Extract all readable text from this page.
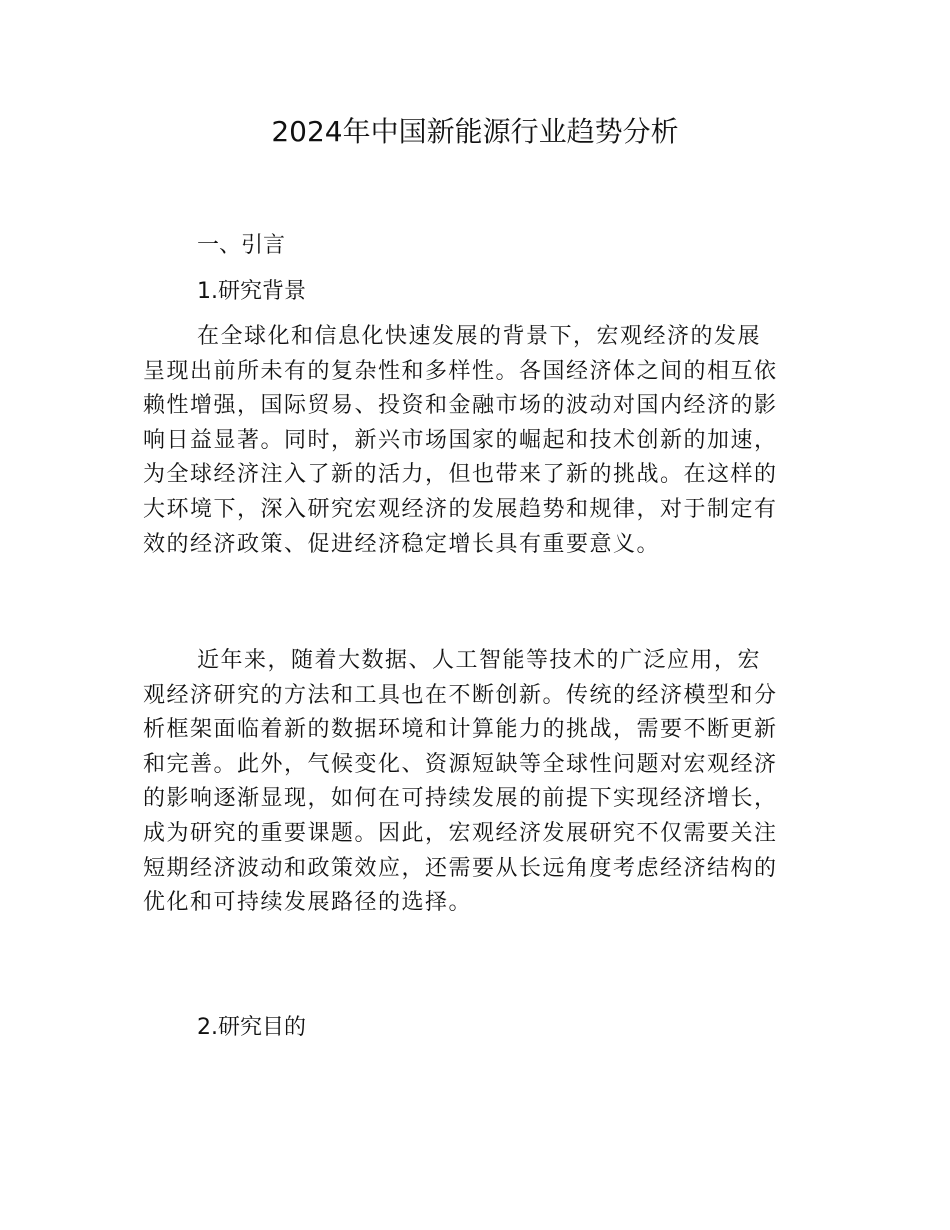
2024年中国新能源行业趋势分析

一、引言

1.研究背景

在全球化和信息化快速发展的背景下，宏观经济的发展
呈现出前所未有的复杂性和多样性。各国经济体之间的相互依
赖性增强，国际贸易、投资和金融市场的波动对国内经济的影
响日益显著。同时，新兴市场国家的崛起和技术创新的加速，
为全球经济注入了新的活力，但也带来了新的挑战。在这样的
大环境下，深入研究宏观经济的发展趋势和规律，对于制定有
效的经济政策、促进经济稳定增长具有重要意义。
近年来，随着大数据、人工智能等技术的广泛应用，宏
观经济研究的方法和工具也在不断创新。传统的经济模型和分
析框架面临着新的数据环境和计算能力的挑战，需要不断更新
和完善。此外，气候变化、资源短缺等全球性问题对宏观经济
的影响逐渐显现，如何在可持续发展的前提下实现经济增长，
成为研究的重要课题。因此，宏观经济发展研究不仅需要关注
短期经济波动和政策效应，还需要从长远角度考虑经济结构的
优化和可持续发展路径的选择。

2.研究目的
